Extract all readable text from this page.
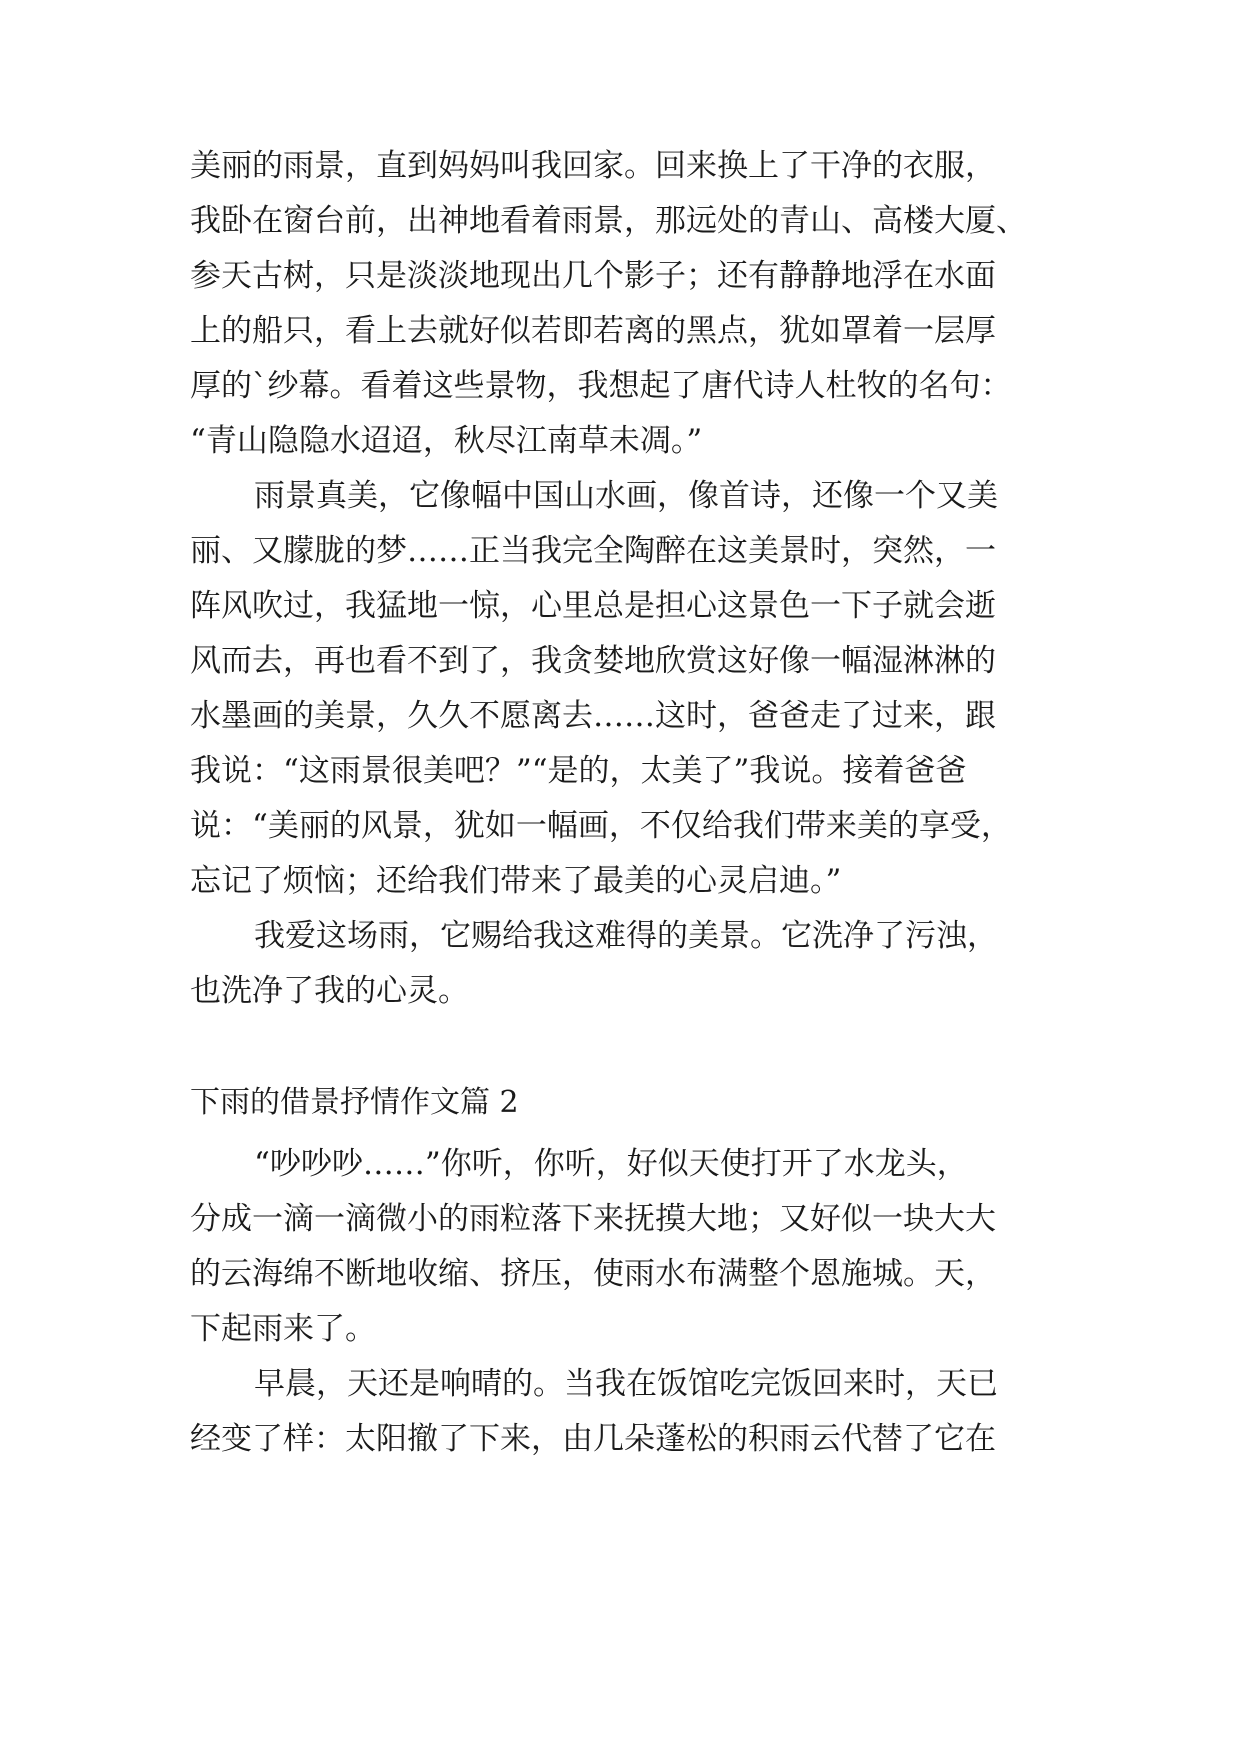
美丽的雨景，直到妈妈叫我回家。回来换上了干净的衣服，
我卧在窗台前，出神地看着雨景，那远处的青山、高楼大厦、
参天古树，只是淡淡地现出几个影子；还有静静地浮在水面
上的船只，看上去就好似若即若离的黑点，犹如罩着一层厚
厚的`纱幕。看着这些景物，我想起了唐代诗人杜牧的名句：
“青山隐隐水迢迢，秋尽江南草未凋。”
雨景真美，它像幅中国山水画，像首诗，还像一个又美
丽、又朦胧的梦……正当我完全陶醉在这美景时，突然，一
阵风吹过，我猛地一惊，心里总是担心这景色一下子就会逝
风而去，再也看不到了，我贪婪地欣赏这好像一幅湿淋淋的
水墨画的美景，久久不愿离去……这时，爸爸走了过来，跟
我说：“这雨景很美吧？”“是的，太美了”我说。接着爸爸
说：“美丽的风景，犹如一幅画，不仅给我们带来美的享受，
忘记了烦恼；还给我们带来了最美的心灵启迪。”
我爱这场雨，它赐给我这难得的美景。它洗净了污浊，
也洗净了我的心灵。
下雨的借景抒情作文篇 2
“吵吵吵……”你听，你听，好似天使打开了水龙头，
分成一滴一滴微小的雨粒落下来抚摸大地；又好似一块大大
的云海绵不断地收缩、挤压，使雨水布满整个恩施城。天，
下起雨来了。
早晨，天还是响晴的。当我在饭馆吃完饭回来时，天已
经变了样：太阳撤了下来，由几朵蓬松的积雨云代替了它在
